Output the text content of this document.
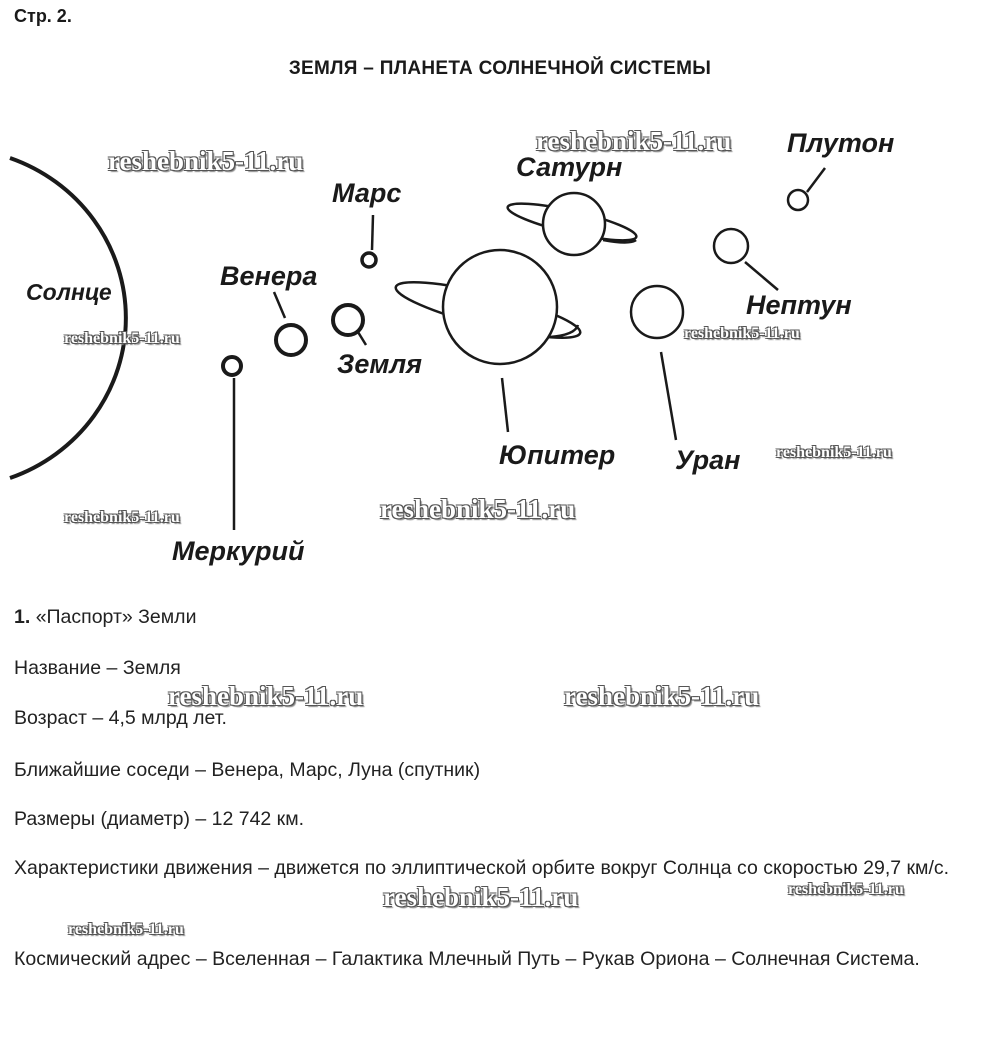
Стр. 2.
ЗЕМЛЯ – ПЛАНЕТА СОЛНЕЧНОЙ СИСТЕМЫ
Солнце
Меркурий
Венера
Земля
Марс
Юпитер
Сатурн
Уран
Нептун
Плутон
reshebnik5-11.ru
reshebnik5-11.ru
reshebnik5-11.ru	reshebnik5-11.ru
reshebnik5-11.ru
reshebnik5-11.ru	reshebnik5-11.ru
1. «Паспорт» Земли
Название – Земля
Возраст – 4,5 млрд лет.
Ближайшие соседи – Венера, Марс, Луна (спутник)
Размеры (диаметр) – 12 742 км.
Характеристики движения – движется по эллиптической орбите вокруг Солнца со скоростью 29,7 км/с.
Космический адрес – Вселенная – Галактика Млечный Путь – Рукав Ориона – Солнечная Система.
reshebnik5-11.ru	reshebnik5-11.ru
reshebnik5-11.ru	reshebnik5-11.ru
reshebnik5-11.ru
